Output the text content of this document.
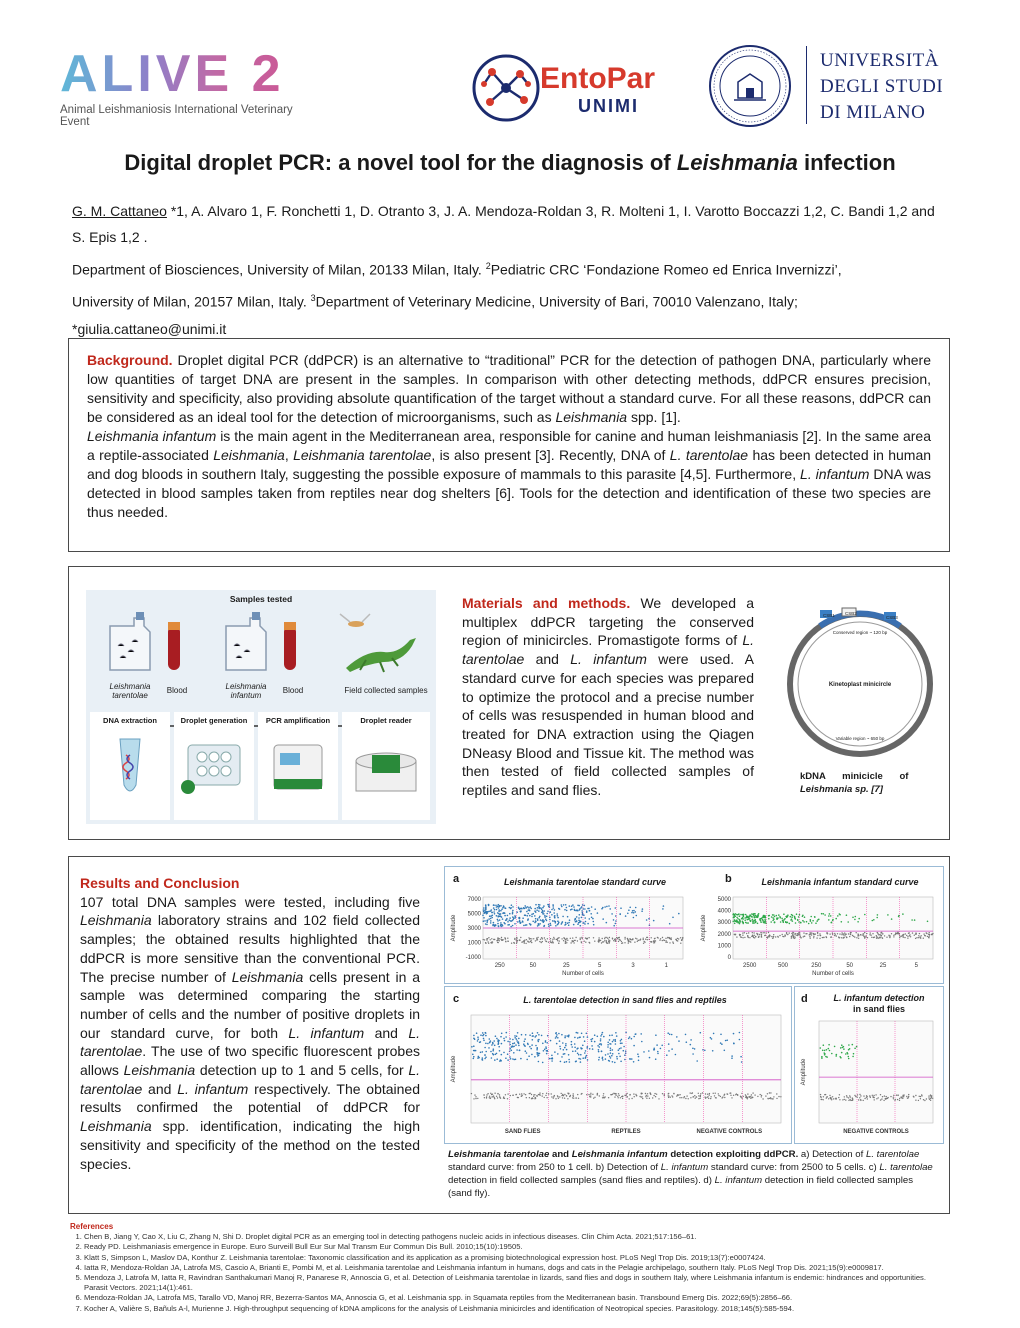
ALIVE 2
Animal Leishmaniosis International Veterinary Event
EntoPar
UNIMI
UNIVERSITÀ
DEGLI STUDI
DI MILANO
Digital droplet PCR: a novel tool for the diagnosis of Leishmania infection
G. M. Cattaneo *1, A. Alvaro 1, F. Ronchetti 1, D. Otranto 3, J. A. Mendoza-Roldan 3, R. Molteni 1, I. Varotto Boccazzi 1,2, C. Bandi 1,2 and S. Epis 1,2 .
Department of Biosciences, University of Milan, 20133 Milan, Italy. $^2$Pediatric CRC ‘Fondazione Romeo ed Enrica Invernizzi’,
University of Milan, 20157 Milan, Italy. $^3$Department of Veterinary Medicine, University of Bari, 70010 Valenzano, Italy;
*giulia.cattaneo@unimi.it

Background. Droplet digital PCR (ddPCR) is an alternative to “traditional” PCR for the detection of pathogen DNA, particularly where low quantities of target DNA are present in the samples. In comparison with other detecting methods, ddPCR ensures precision, sensitivity and specificity, also providing absolute quantification of the target without a standard curve. For all these reasons, ddPCR can be considered as an ideal tool for the detection of microorganisms, such as Leishmania spp. [1].

Leishmania infantum is the main agent in the Mediterranean area, responsible for canine and human leishmaniasis [2]. In the same area a reptile-associated Leishmania, Leishmania tarentolae, is also present [3]. Recently, DNA of L. tarentolae has been detected in human and dog bloods in southern Italy, suggesting the possible exposure of mammals to this parasite [4,5]. Furthermore, L. infantum DNA was detected in blood samples taken from reptiles near dog shelters [6]. Tools for the detection and identification of these two species are thus needed.

Samples tested
Leishmania tarentolae
Blood	Leishmania infantum
Blood	Field collected samples
DNA extraction	Droplet generation	PCR amplification	Droplet reader
Materials and methods. We developed a multiplex ddPCR targeting the conserved region of minicircles. Promastigote forms of L. tarentolae and L. infantum were used. A standard curve for each species was prepared to optimize the protocol and a precise number of cells was resuspended in human blood and treated for DNA extraction using the Qiagen DNeasy Blood and Tissue kit. The method was then tested of field collected samples of reptiles and sand flies.
CSB1 CSB2
CSB3
Conserved region ~ 120 bp
Kinetoplast minicircle
Variable region ~ 650 bp
kDNA minicicle of
Leishmania sp. [7]
Results and Conclusion
107 total DNA samples were tested, including five Leishmania laboratory strains and 102 field collected samples; the obtained results highlighted that the ddPCR is more sensitive than the conventional PCR. The precise number of Leishmania cells present in a sample was determined comparing the starting number of cells and the number of positive droplets in our standard curve, for both L. infantum and L. tarentolae. The use of two specific fluorescent probes allows Leishmania detection up to 1 and 5 cells, for L. tarentolae and L. infantum respectively. The obtained results confirmed the potential of ddPCR for Leishmania spp. identification, indicating the high sensitivity and specificity of the method on the tested species.
a	Leishmania tarentolae standard curve	b	Leishmania infantum standard curve
250	50	25	5	3	1
7000
5000
3000
1000
-1000
Number of cells
Amplitude
2500	500	250	50	25	5
5000
4000
3000
2000
1000
0
Number of cells
Amplitude
c	L. tarentolae detection in sand flies and reptiles
Amplitude
SAND FLIES	REPTILES	NEGATIVE CONTROLS
d	L. infantum detection
in sand flies
Amplitude
NEGATIVE CONTROLS
Leishmania tarentolae and Leishmania infantum detection exploiting ddPCR. a) Detection of L. tarentolae standard curve: from 250 to 1 cell. b) Detection of L. infantum standard curve: from 2500 to 5 cells. c) L. tarentolae detection in field collected samples (sand flies and reptiles). d) L. infantum detection in field collected samples (sand fly).
References
1. Chen B, Jiang Y, Cao X, Liu C, Zhang N, Shi D. Droplet digital PCR as an emerging tool in detecting pathogens nucleic acids in infectious diseases. Clin Chim Acta. 2021;517:156–61.
2. Ready PD. Leishmaniasis emergence in Europe. Euro Surveill Bull Eur Sur Mal Transm Eur Commun Dis Bull. 2010;15(10):19505.
3. Klatt S, Simpson L, Maslov DA, Konthur Z. Leishmania tarentolae: Taxonomic classification and its application as a promising biotechnological expression host. PLoS Negl Trop Dis. 2019;13(7):e0007424.
4. Iatta R, Mendoza-Roldan JA, Latrofa MS, Cascio A, Brianti E, Pombi M, et al. Leishmania tarentolae and Leishmania infantum in humans, dogs and cats in the Pelagie archipelago, southern Italy. PLoS Negl Trop Dis. 2021;15(9):e0009817.
5. Mendoza J, Latrofa M, Iatta R, Ravindran Santhakumari Manoj R, Panarese R, Annoscia G, et al. Detection of Leishmania tarentolae in lizards, sand flies and dogs in southern Italy, where Leishmania infantum is endemic: hindrances and opportunities. Parasit Vectors. 2021;14(1):461.
6. Mendoza-Roldan JA, Latrofa MS, Tarallo VD, Manoj RR, Bezerra-Santos MA, Annoscia G, et al. Leishmania spp. in Squamata reptiles from the Mediterranean basin. Transbound Emerg Dis. 2022;69(5):2856–66.
7. Kocher A, Valière S, Bañuls A-l, Murienne J. High-throughput sequencing of kDNA amplicons for the analysis of Leishmania minicircles and identification of Neotropical species. Parasitology. 2018;145(5):585-594.
